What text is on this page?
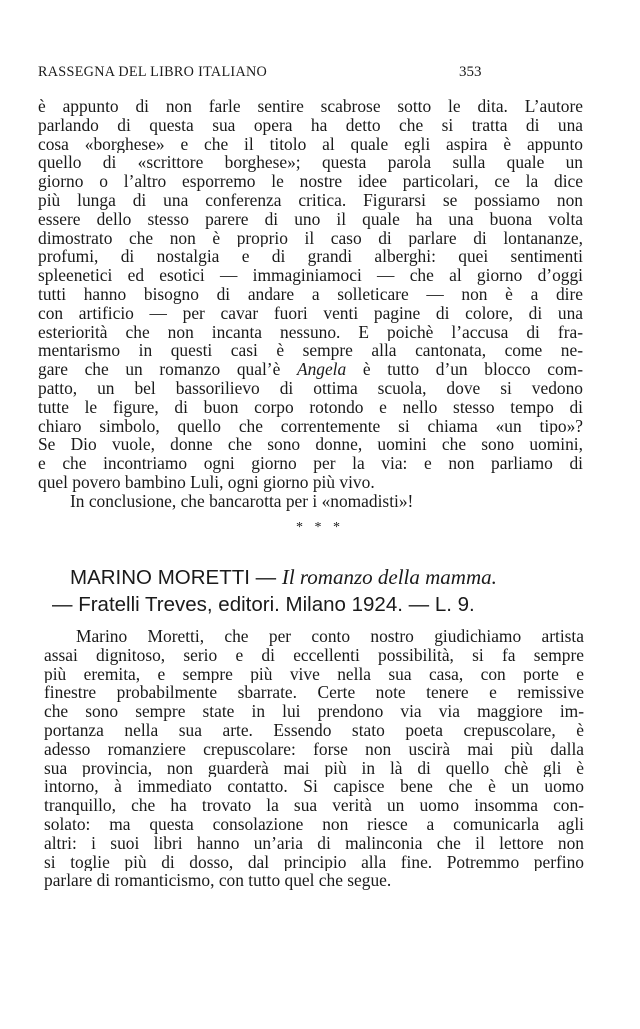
RASSEGNA DEL LIBRO ITALIANO	353
è appunto di non farle sentire scabrose sotto le dita. L’autore
parlando di questa sua opera ha detto che si tratta di una
cosa «borghese» e che il titolo al quale egli aspira è appunto
quello di «scrittore borghese»; questa parola sulla quale un
giorno o l’altro esporremo le nostre idee particolari, ce la dice
più lunga di una conferenza critica. Figurarsi se possiamo non
essere dello stesso parere di uno il quale ha una buona volta
dimostrato che non è proprio il caso di parlare di lontananze,
profumi, di nostalgia e di grandi alberghi: quei sentimenti
spleenetici ed esotici — immaginiamoci — che al giorno d’oggi
tutti hanno bisogno di andare a solleticare — non è a dire
con artificio — per cavar fuori venti pagine di colore, di una
esteriorità che non incanta nessuno. E poichè l’accusa di fra-
mentarismo in questi casi è sempre alla cantonata, come ne-
gare che un romanzo qual’è Angela è tutto d’un blocco com-
patto, un bel bassorilievo di ottima scuola, dove si vedono
tutte le figure, di buon corpo rotondo e nello stesso tempo di
chiaro simbolo, quello che correntemente si chiama «un tipo»?
Se Dio vuole, donne che sono donne, uomini che sono uomini,
e che incontriamo ogni giorno per la via: e non parliamo di
quel povero bambino Luli, ogni giorno più vivo.
In conclusione, che bancarotta per i «nomadisti»!
* * *
MARINO MORETTI — Il romanzo della mamma.
— Fratelli Treves, editori. Milano 1924. — L. 9.
Marino Moretti, che per conto nostro giudichiamo artista
assai dignitoso, serio e di eccellenti possibilità, si fa sempre
più eremita, e sempre più vive nella sua casa, con porte e
finestre probabilmente sbarrate. Certe note tenere e remissive
che sono sempre state in lui prendono via via maggiore im-
portanza nella sua arte. Essendo stato poeta crepuscolare, è
adesso romanziere crepuscolare: forse non uscirà mai più dalla
sua provincia, non guarderà mai più in là di quello chè gli è
intorno, à immediato contatto. Si capisce bene che è un uomo
tranquillo, che ha trovato la sua verità un uomo insomma con-
solato: ma questa consolazione non riesce a comunicarla agli
altri: i suoi libri hanno un’aria di malinconia che il lettore non
si toglie più di dosso, dal principio alla fine. Potremmo perfino
parlare di romanticismo, con tutto quel che segue.
